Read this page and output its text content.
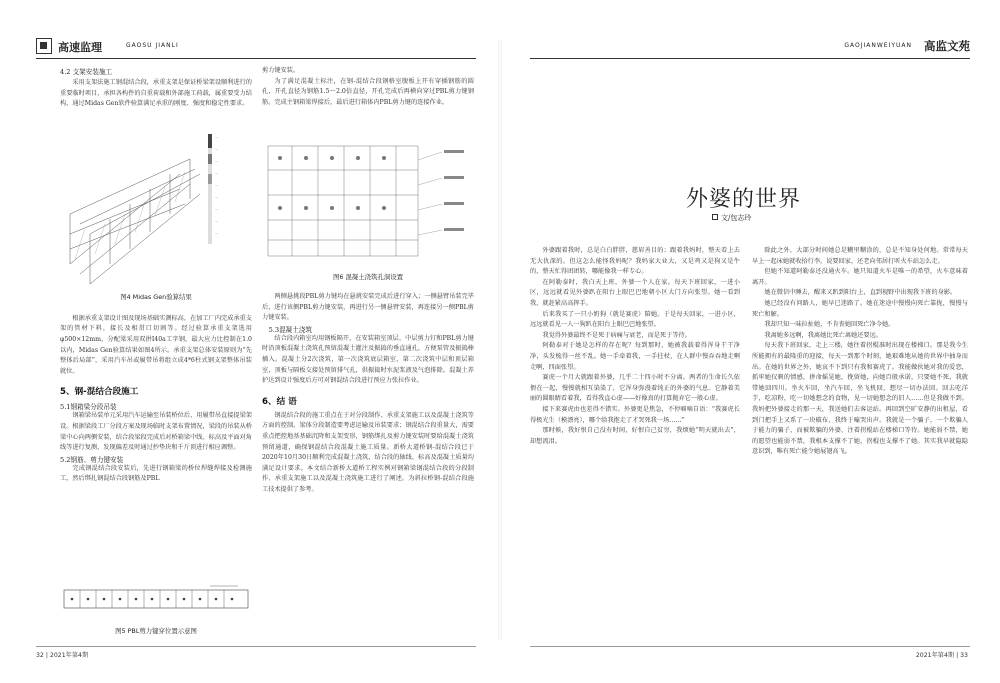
高速监理	GAOSU JIANLI	GAOJIANWEIYUAN 高监文苑
4.2 支架安装施工
采用支架法施工钢混结合段，承重支架是保证桥梁架设顺利进行的重要临时项目，承担各构件的自重荷载和外部施工荷载，属重要受力结构，通过Midas Gen软件验算满足承重的刚度、强度和稳定性要求。
—
—
—
—
—
—
—
—
—
图4 Midas Gen验算结果
根据承重支架设计图及现场基础实测标高，在加工厂内完成承重支架的管材下料，接长及相贯口切割等。经过验算承重支架选用φ500×12mm，分配梁采用双拼I40a工字钢，最大应力比控制在1.0以内，Midas Gen验算结果如图4所示。承重支架总体安装原则为“先整体后局部”，采用汽车吊或履带吊将组立成4*6柱式钢支架整体吊装就位。
5、钢-混结合段施工
5.1钢箱梁分段吊装
钢箱梁吊装单元采用汽车运输至吊装桥位后，用履带吊直接提梁架设。根据梁段工厂分段方案及现场临时支架布置情况，梁段的吊装从桥梁中心向两侧安装，结合段梁段完成后对桥箱梁中线、标高及平面对角线等进行复测，发现偏差及时通过抄垫块和千斤顶进行相应调整。
5.2钢筋、剪力键安装
完成钢混结合段安装后，先进行钢箱梁的桥位焊缝焊接及检测施工，然后绑扎钢混结合段钢筋及PBL
图5 PBL剪力键穿位置示意图
剪力键安装。
为了满足混凝土标注，在钢-混结合段钢格室腹板上开有穿插钢筋的圆孔，开孔直径为钢筋1.5～2.0倍直径，开孔完成后再横向穿过PBL剪力键钢筋。完成主钢箱梁焊接后，最后进行箱体内PBL剪力键的连接作业。
图6 混凝土浇筑孔洞设置
两侧悬挑段PBL剪力键均在悬挑安装完成后进行穿入；一侧悬臂吊装完毕后，进行该侧PBL剪力键安装，再进行另一侧悬臂安装，再连接另一侧PBL剪力键安装。
5.3混凝土浇筑
结合段内箱室均用钢板隔开，在安装箱室顶层、中层剪力钉和PBL剪力键时沿顶板混凝土浇筑孔预留混凝土灌注及振捣的垂直通孔，方便泵管及振捣棒插入。混凝土分2次浇筑，第一次浇筑底层箱室，第二次浇筑中层和顶层箱室，顶板与隔板交接处预留排气孔，供振捣时水泥浆液及气泡排除。混凝土养护达到设计强度后方可对钢混结合段进行预应力张拉作业。
6、结 语
钢混结合段的施工重点在于对分段制作、承重支架施工以及混凝土浇筑等方面的控制。梁体分段制造要考虑运输及吊装要求；钢混结合段重量大，需要重点把控地基基础沉降和支架变形，钢筋绑扎及剪力键安装时要给混凝土浇筑预留通道，确保钢混结合段混凝土施工质量。新桥大道桥钢-混结合段已于2020年10月30日顺利完成混凝土浇筑，结合段的轴线、标高及混凝土质量均满足设计要求。本文结合新桥大道桥工程实例对钢箱梁钢混结合段的分段制作、承重支架施工以及混凝土浇筑施工进行了阐述，为斜拉桥钢-混结合段施工技术提供了参考。
32 | 2021年第4期
外婆的世界
文/包志玲
外婆跟着我时，总是白白胖胖，慈眉善目的；跟着我妈时，整天看上去无大仇深的。但这怎么能怪我妈呢？我妈家大业大，又是鸡又是狗又是牛的，整天忙得团团转，哪能像我一样专心。
在阿勒泰时，我白天上班，外婆一个人在家。每天下班回家，一进小区，远远就看见外婆趴在阳台上眼巴巴地朝小区大门方向张望。她一看到我，就赶紧高高挥手。
后来我买了一只小奶狗（就是赛虎）陪她。于是每天回家，一进小区，远远就看见一人一狗趴在阳台上眼巴巴地张望。
我觉得外婆最终不是死于病痛与衰老，而是死于等待。
阿勒泰对于她是怎样的存在呢？每到那时，她被我载着得浑身干干净净，头发梳得一丝不乱。她一手牵着我，一手拄杖，在人群中慢吞吞地走啊走啊，四面张望。
赛虎一个月大就跟着外婆，几乎二十四小时不分离。两者的生命长久依偎在一起，慢慢就相互染染了，它浑身弥漫着纯正的外婆的气息。它静着美丽的圆眼睛看着我，看得我直心虚——好像真的打算抛弃它一般心虚。
接下来赛虎由也差得不错实。外婆更是焦急，不停嘀嘀自语：“我赛虎长得极光生（模漂亮），哪个给我抱走了才哭死我一场……”
那时候，我好恨自己没有时间，好恨自己贫穷，我烦她“明天就出去”，却想流泪。
除此之外，大部分时间她总是糊里糊涂的，总是不知身处何地。常常每天早上一起床她就收拾行李，说要回家，还老向邻居打听火车站怎么走。
但她不知道阿勒泰还没通火车。她只知道火车是唯一的希望，火车意味着离开。
她在微信中睡去，醒来又趴到阳台上，直到视野中出现我下班的身影。
她已经没有问路人，她早已迷路了。她在迷途中慢慢向死亡靠拢，慢慢与死亡和解。
我却只知一味拉扯她，不肯丧她回死亡净今她。
我离她多远啊，我离她比死亡离她还要远。
每天我下班回家，走上三楼，她往着拐棍准时出现在楼梯口。那是我今生所能拥有的最隆重的迎接，每天一到那个时刻，她艰难地从她的世界中抽身而出。在她的世界之外，她哀不下到只有我和赛虎了。我能做伙她对我的爱恋，抓牢她仅剩的情感，拼命摇晃她，挽留她，向她百般承诺，只要她不死，我就带她回四川。坐火车回，坐汽车回，坐飞机回，想尽一切办法回。回去吃洋芋，吃凉粉，吃一切她想念的食物，见一切她想念的旧人……但是我做不到。我妈把外婆接走的那一天，我送她们去客运站。再回到空旷安静的出租屋，看到门把手上又系了一块破布，我终于嚎哭出声。我就是一个骗子，一个欺骗人于能力的骗子，而被欺骗的外婆，注着拐棍站在楼梯口等待。她能弱不禁，她的愿望也能弱不禁，我根本支撑不了她，拐棍也支撑不了她。其实我早就隐隐意识到，唯有死亡能令她展翅高飞。
2021年第4期 | 33
